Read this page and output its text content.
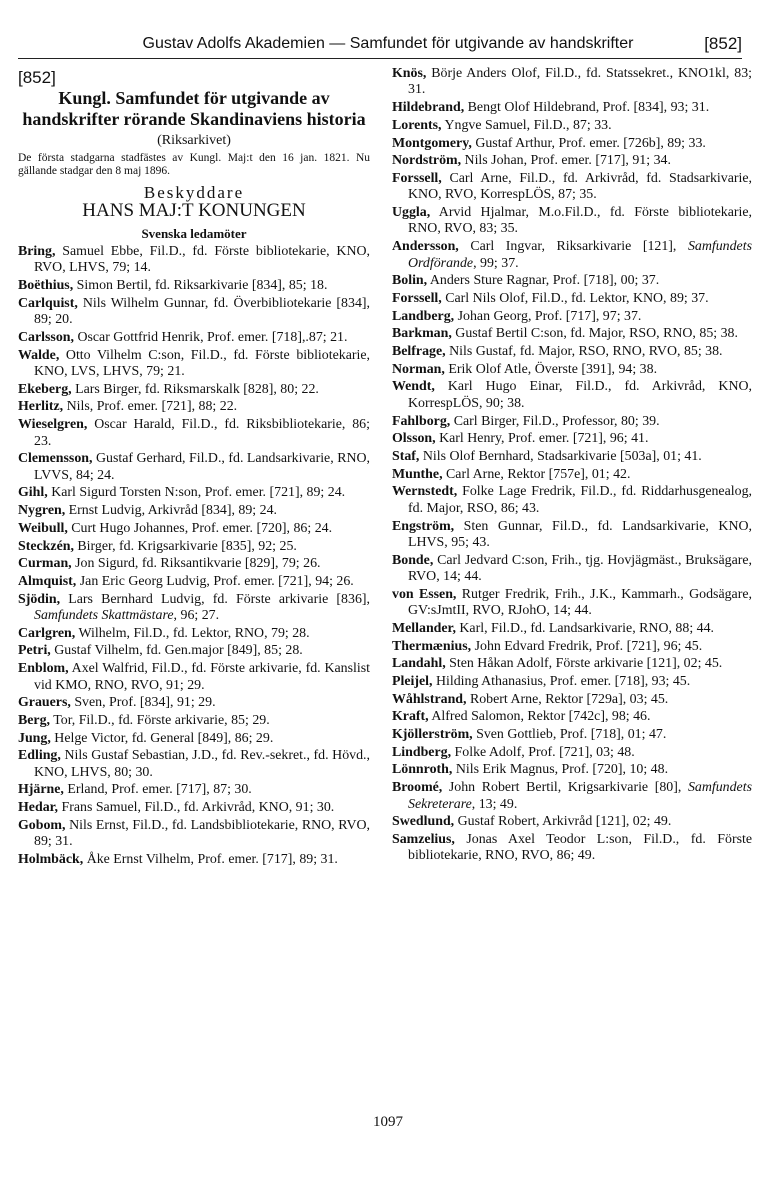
Gustav Adolfs Akademien — Samfundet för utgivande av handskrifter	[852]
[852]
Kungl. Samfundet för utgivande av handskrifter rörande Skandinaviens historia
(Riksarkivet)
De första stadgarna stadfästes av Kungl. Maj:t den 16 jan. 1821. Nu gällande stadgar den 8 maj 1896.
Beskyddare
HANS MAJ:T KONUNGEN
Svenska ledamöter
Bring, Samuel Ebbe, Fil.D., fd. Förste bibliotekarie, KNO, RVO, LHVS, 79; 14.
Boëthius, Simon Bertil, fd. Riksarkivarie [834], 85; 18.
Carlquist, Nils Wilhelm Gunnar, fd. Överbibliotekarie [834], 89; 20.
Carlsson, Oscar Gottfrid Henrik, Prof. emer. [718],.87; 21.
Walde, Otto Vilhelm C:son, Fil.D., fd. Förste bibliotekarie, KNO, LVS, LHVS, 79; 21.
Ekeberg, Lars Birger, fd. Riksmarskalk [828], 80; 22.
Herlitz, Nils, Prof. emer. [721], 88; 22.
Wieselgren, Oscar Harald, Fil.D., fd. Riksbibliotekarie, 86; 23.
Clemensson, Gustaf Gerhard, Fil.D., fd. Landsarkivarie, RNO, LVVS, 84; 24.
Gihl, Karl Sigurd Torsten N:son, Prof. emer. [721], 89; 24.
Nygren, Ernst Ludvig, Arkivråd [834], 89; 24.
Weibull, Curt Hugo Johannes, Prof. emer. [720], 86; 24.
Steckzén, Birger, fd. Krigsarkivarie [835], 92; 25.
Curman, Jon Sigurd, fd. Riksantikvarie [829], 79; 26.
Almquist, Jan Eric Georg Ludvig, Prof. emer. [721], 94; 26.
Sjödin, Lars Bernhard Ludvig, fd. Förste arkivarie [836], Samfundets Skattmästare, 96; 27.
Carlgren, Wilhelm, Fil.D., fd. Lektor, RNO, 79; 28.
Petri, Gustaf Vilhelm, fd. Gen.major [849], 85; 28.
Enblom, Axel Walfrid, Fil.D., fd. Förste arkivarie, fd. Kanslist vid KMO, RNO, RVO, 91; 29.
Grauers, Sven, Prof. [834], 91; 29.
Berg, Tor, Fil.D., fd. Förste arkivarie, 85; 29.
Jung, Helge Victor, fd. General [849], 86; 29.
Edling, Nils Gustaf Sebastian, J.D., fd. Rev.-sekret., fd. Hövd., KNO, LHVS, 80; 30.
Hjärne, Erland, Prof. emer. [717], 87; 30.
Hedar, Frans Samuel, Fil.D., fd. Arkivråd, KNO, 91; 30.
Gobom, Nils Ernst, Fil.D., fd. Landsbibliotekarie, RNO, RVO, 89; 31.
Holmbäck, Åke Ernst Vilhelm, Prof. emer. [717], 89; 31.
Knös, Börje Anders Olof, Fil.D., fd. Statssekret., KNO1kl, 83; 31.
Hildebrand, Bengt Olof Hildebrand, Prof. [834], 93; 31.
Lorents, Yngve Samuel, Fil.D., 87; 33.
Montgomery, Gustaf Arthur, Prof. emer. [726b], 89; 33.
Nordström, Nils Johan, Prof. emer. [717], 91; 34.
Forssell, Carl Arne, Fil.D., fd. Arkivråd, fd. Stadsarkivarie, KNO, RVO, KorrespLÖS, 87; 35.
Uggla, Arvid Hjalmar, M.o.Fil.D., fd. Förste bibliotekarie, RNO, RVO, 83; 35.
Andersson, Carl Ingvar, Riksarkivarie [121], Samfundets Ordförande, 99; 37.
Bolin, Anders Sture Ragnar, Prof. [718], 00; 37.
Forssell, Carl Nils Olof, Fil.D., fd. Lektor, KNO, 89; 37.
Landberg, Johan Georg, Prof. [717], 97; 37.
Barkman, Gustaf Bertil C:son, fd. Major, RSO, RNO, 85; 38.
Belfrage, Nils Gustaf, fd. Major, RSO, RNO, RVO, 85; 38.
Norman, Erik Olof Atle, Överste [391], 94; 38.
Wendt, Karl Hugo Einar, Fil.D., fd. Arkivråd, KNO, KorrespLÖS, 90; 38.
Fahlborg, Carl Birger, Fil.D., Professor, 80; 39.
Olsson, Karl Henry, Prof. emer. [721], 96; 41.
Staf, Nils Olof Bernhard, Stadsarkivarie [503a], 01; 41.
Munthe, Carl Arne, Rektor [757e], 01; 42.
Wernstedt, Folke Lage Fredrik, Fil.D., fd. Riddarhusgenealog, fd. Major, RSO, 86; 43.
Engström, Sten Gunnar, Fil.D., fd. Landsarkivarie, KNO, LHVS, 95; 43.
Bonde, Carl Jedvard C:son, Frih., tjg. Hovjägmäst., Bruksägare, RVO, 14; 44.
von Essen, Rutger Fredrik, Frih., J.K., Kammarh., Godsägare, GV:sJmtII, RVO, RJohO, 14; 44.
Mellander, Karl, Fil.D., fd. Landsarkivarie, RNO, 88; 44.
Thermænius, John Edvard Fredrik, Prof. [721], 96; 45.
Landahl, Sten Håkan Adolf, Förste arkivarie [121], 02; 45.
Pleijel, Hilding Athanasius, Prof. emer. [718], 93; 45.
Wåhlstrand, Robert Arne, Rektor [729a], 03; 45.
Kraft, Alfred Salomon, Rektor [742c], 98; 46.
Kjöllerström, Sven Gottlieb, Prof. [718], 01; 47.
Lindberg, Folke Adolf, Prof. [721], 03; 48.
Lönnroth, Nils Erik Magnus, Prof. [720], 10; 48.
Broomé, John Robert Bertil, Krigsarkivarie [80], Samfundets Sekreterare, 13; 49.
Swedlund, Gustaf Robert, Arkivråd [121], 02; 49.
Samzelius, Jonas Axel Teodor L:son, Fil.D., fd. Förste bibliotekarie, RNO, RVO, 86; 49.
1097
